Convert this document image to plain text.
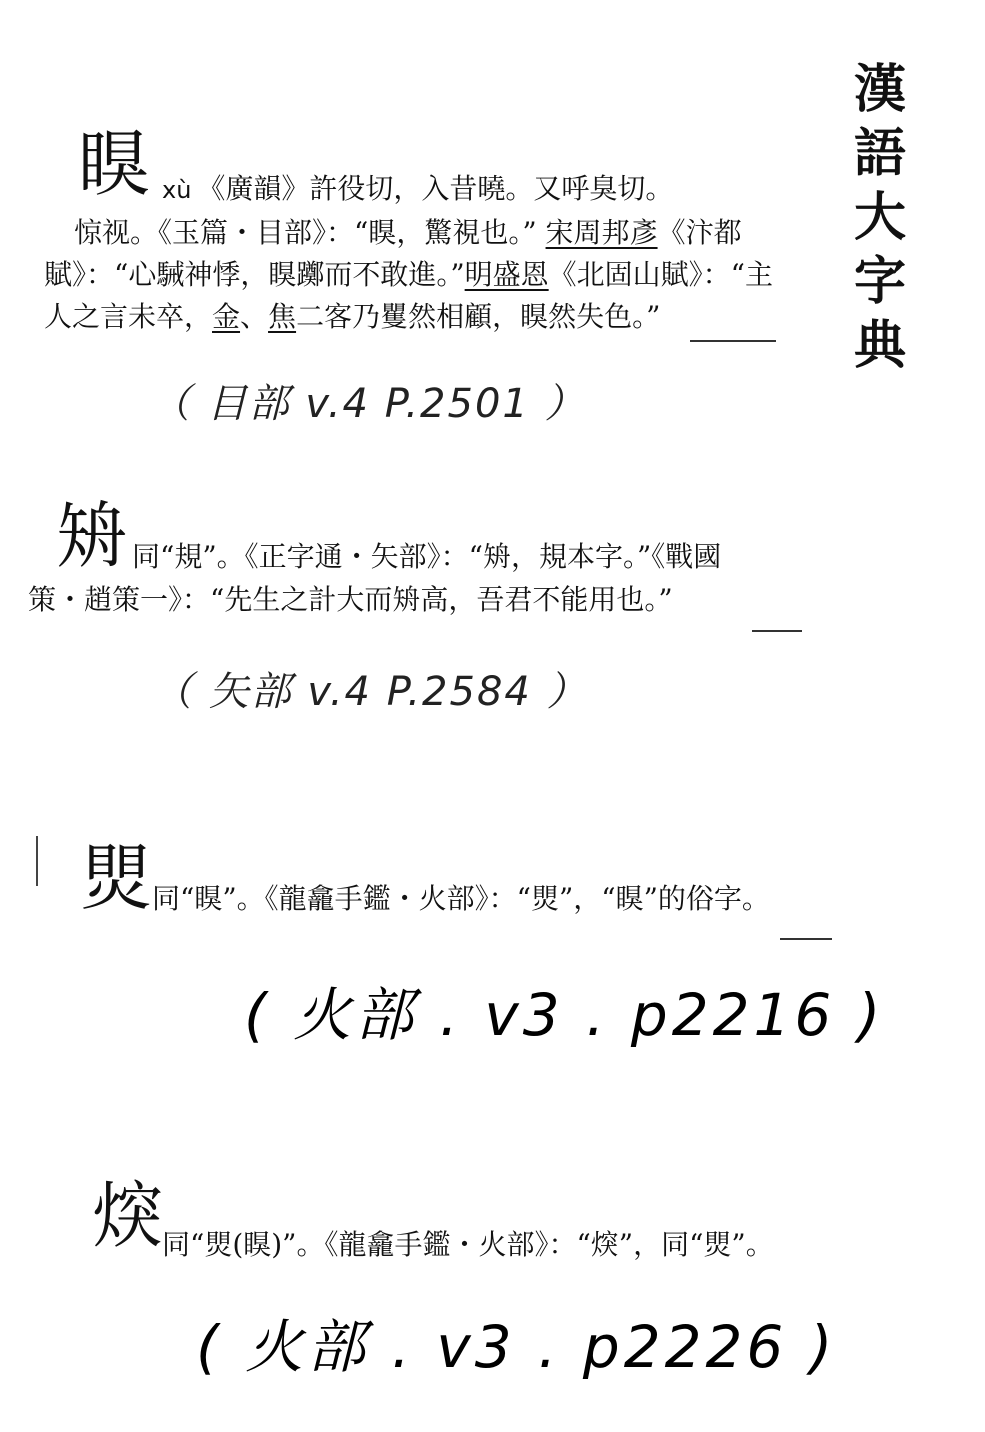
漢語大字典
瞁 xù 《廣韻》許役切，入昔曉。又呼臭切。
惊视。《玉篇・目部》：“瞁，驚視也。” 宋周邦彥《汴都
賦》：“心駴神悸，瞁躑而不敢進。”明盛恩《北固山賦》：“主
人之言未卒，金、焦二客乃矍然相顧，瞁然失色。”
（ 目部 v.4 P.2501 ）
矪 同“規”。《正字通・矢部》：“矪，規本字。”《戰國
策・趙策一》：“先生之計大而矪高，吾君不能用也。”
（ 矢部 v.4 P.2584 ）
煛 同“瞁”。《龍龕手鑑・火部》：“煛”，“瞁”的俗字。
( 火部 . v3 . p2216 )
㷝
同“煛(瞁)”。《龍龕手鑑・火部》：“㷝”，同“煛”。
( 火部 . v3 . p2226 )
